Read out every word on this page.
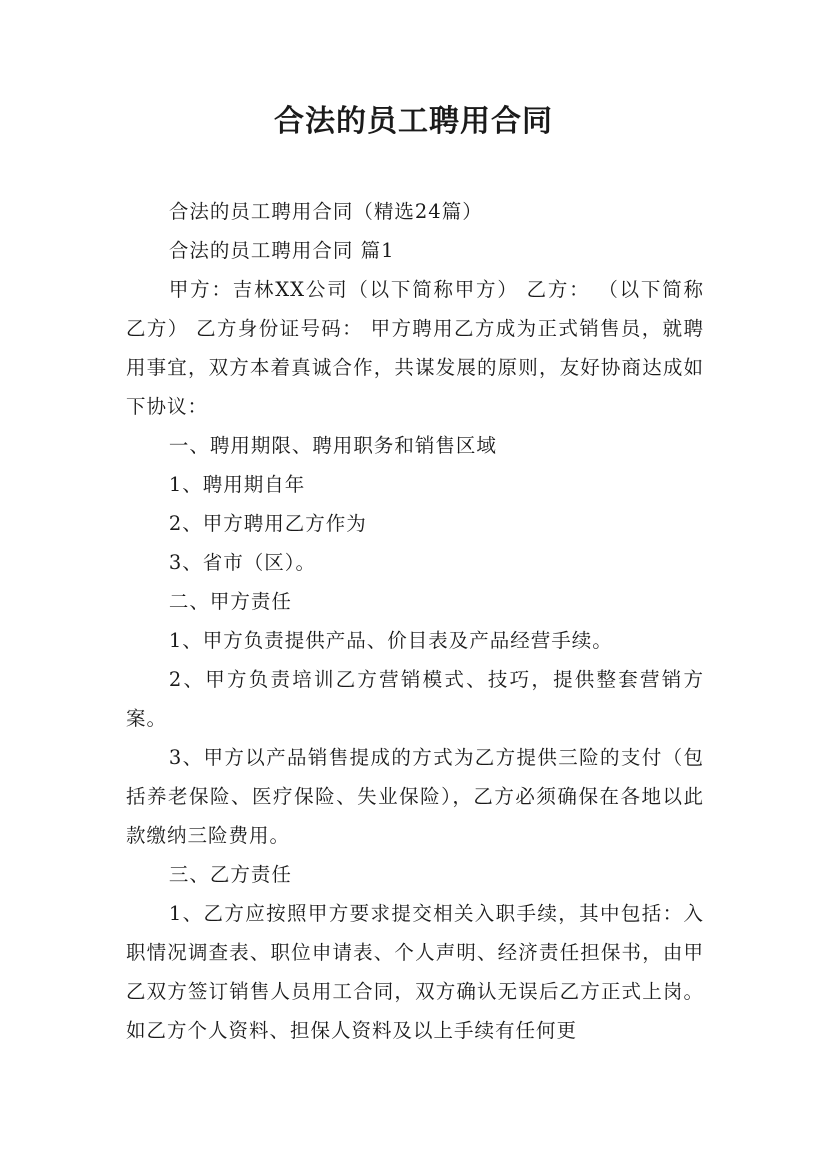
合法的员工聘用合同

合法的员工聘用合同（精选24篇）

合法的员工聘用合同 篇1

甲方：吉林XX公司（以下简称甲方） 乙方： （以下简称乙方） 乙方身份证号码： 甲方聘用乙方成为正式销售员，就聘用事宜，双方本着真诚合作，共谋发展的原则，友好协商达成如下协议：

一、聘用期限、聘用职务和销售区域

1、聘用期自年

2、甲方聘用乙方作为

3、省市（区）。

二、甲方责任

1、甲方负责提供产品、价目表及产品经营手续。

2、甲方负责培训乙方营销模式、技巧，提供整套营销方案。

3、甲方以产品销售提成的方式为乙方提供三险的支付（包括养老保险、医疗保险、失业保险），乙方必须确保在各地以此款缴纳三险费用。

三、乙方责任

1、乙方应按照甲方要求提交相关入职手续，其中包括：入职情况调查表、职位申请表、个人声明、经济责任担保书，由甲乙双方签订销售人员用工合同，双方确认无误后乙方正式上岗。如乙方个人资料、担保人资料及以上手续有任何更
